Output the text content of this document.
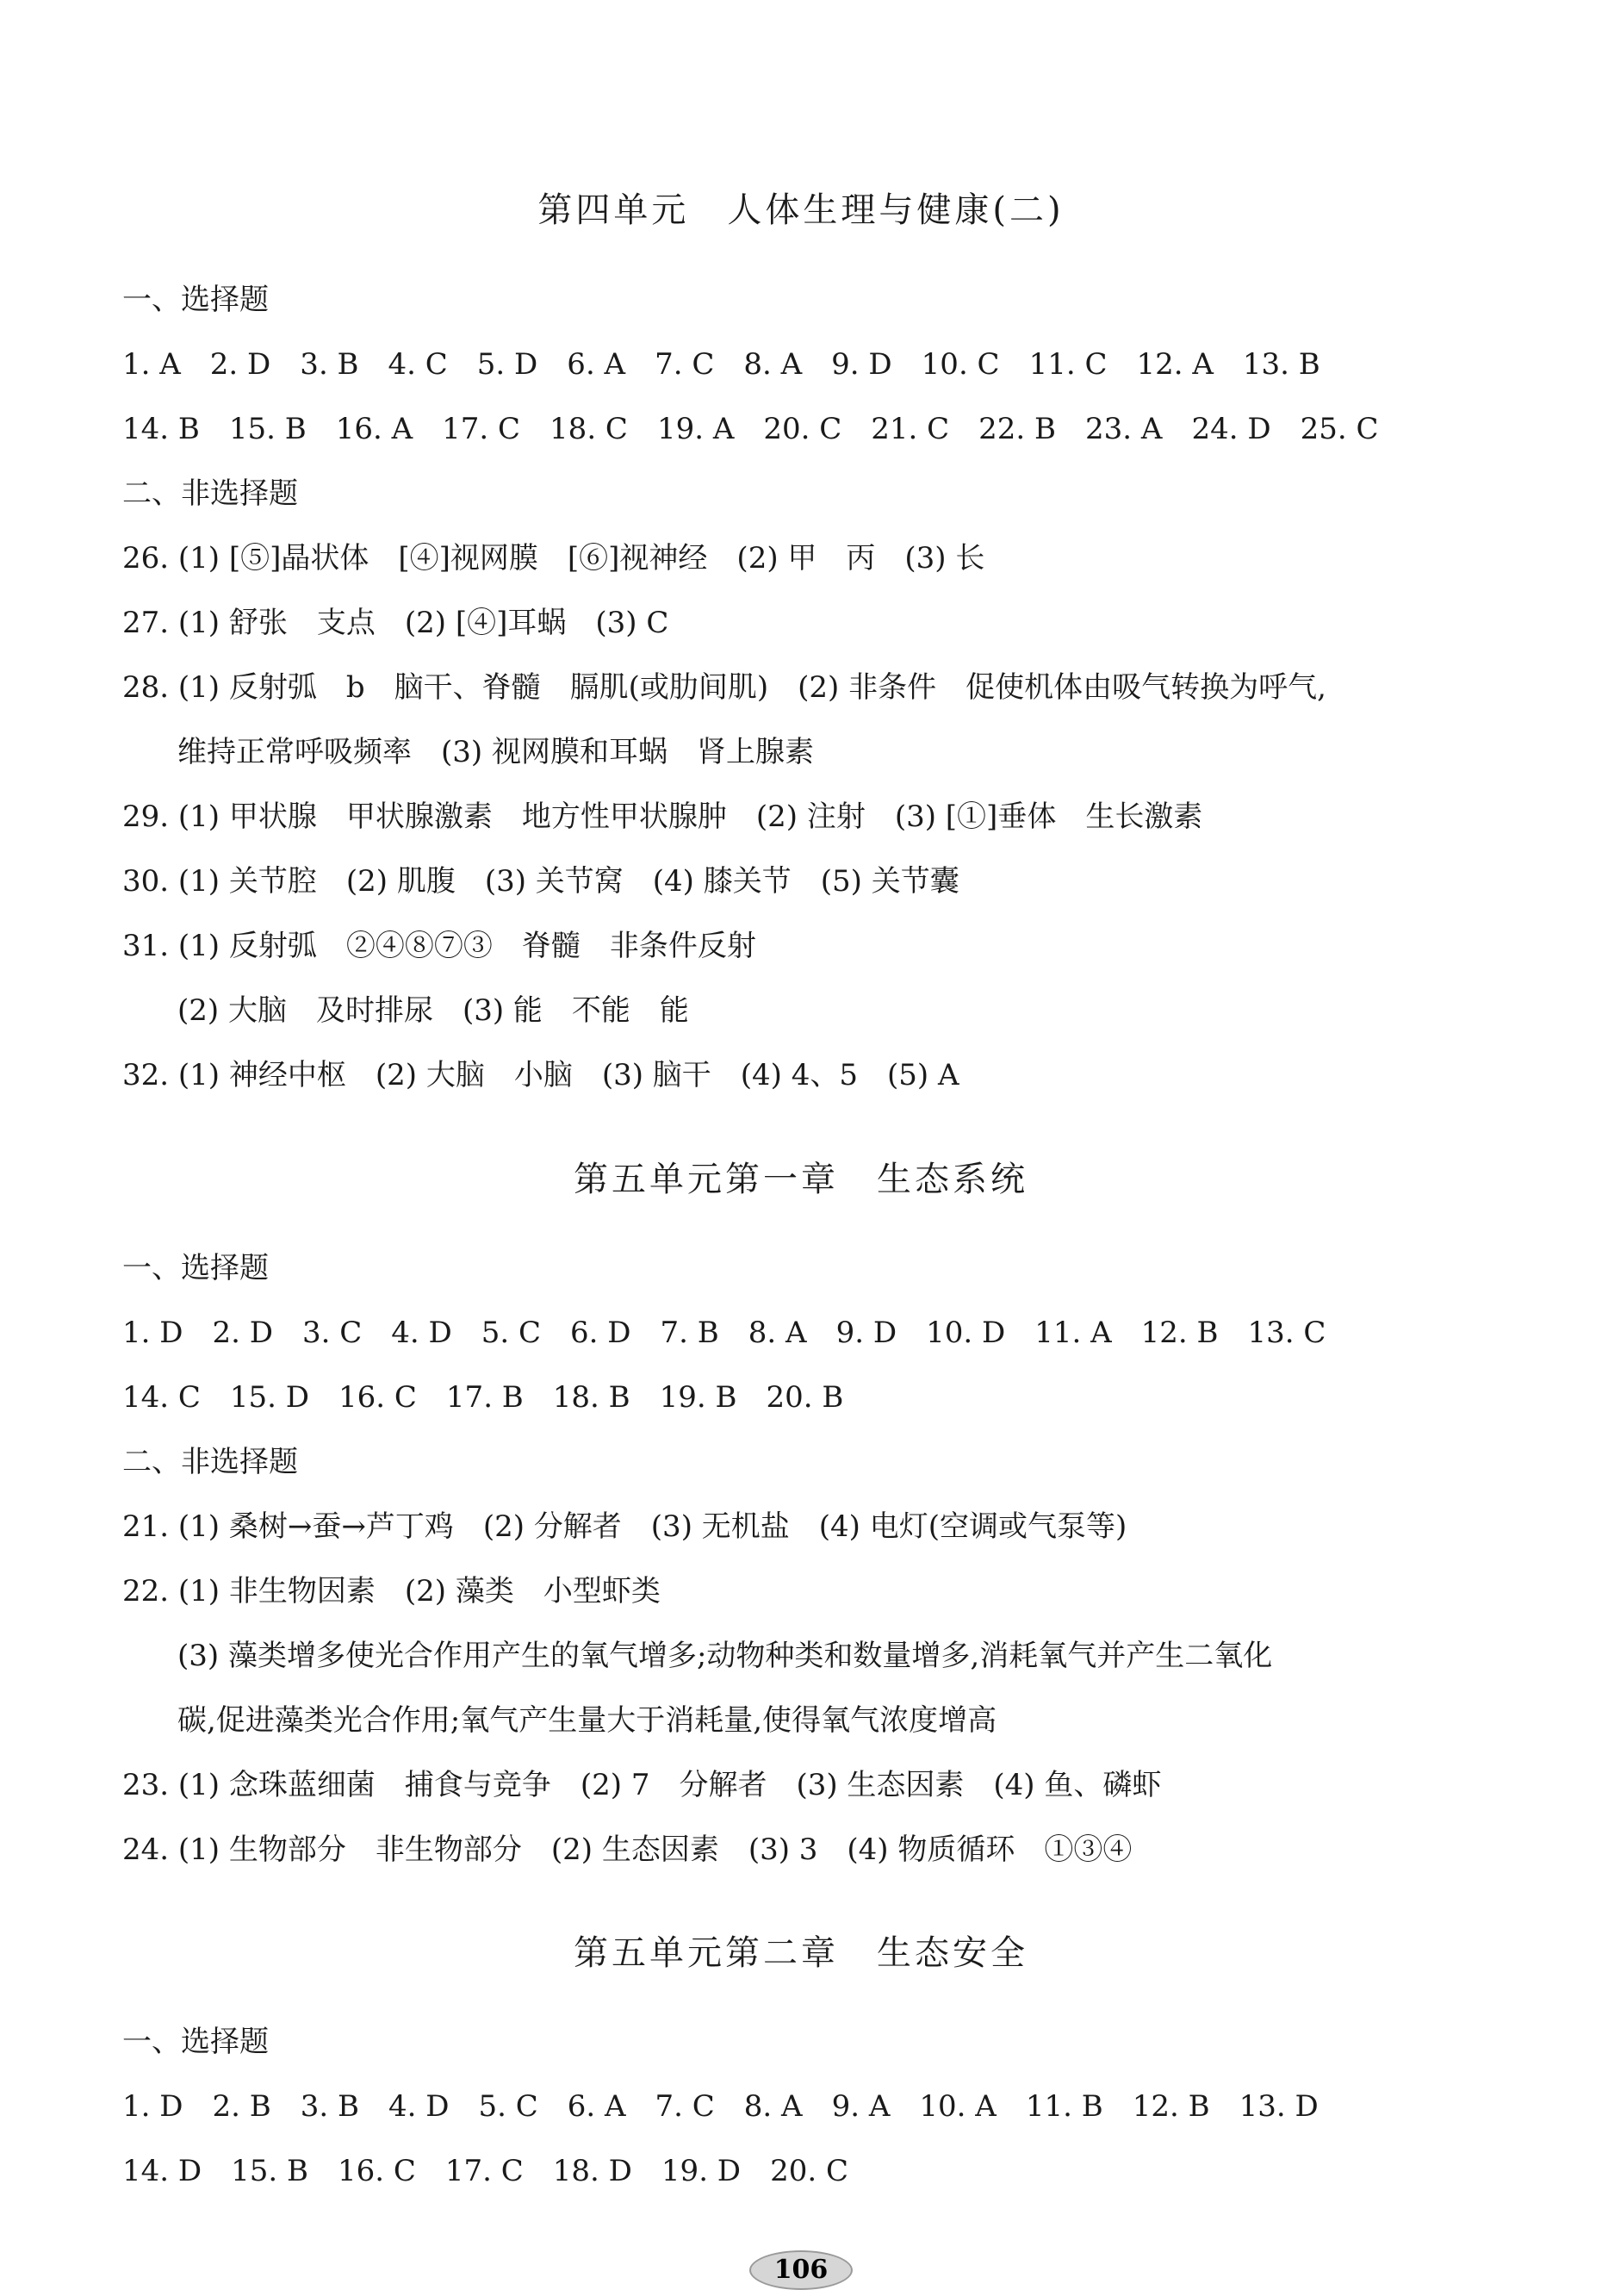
第四单元　人体生理与健康(二)
一、选择题
1. A　2. D　3. B　4. C　5. D　6. A　7. C　8. A　9. D　10. C　11. C　12. A　13. B
14. B　15. B　16. A　17. C　18. C　19. A　20. C　21. C　22. B　23. A　24. D　25. C
二、非选择题
26. (1) [⑤]晶状体　[④]视网膜　[⑥]视神经　(2) 甲　丙　(3) 长
27. (1) 舒张　支点　(2) [④]耳蜗　(3) C
28. (1) 反射弧　b　脑干、脊髓　膈肌(或肋间肌)　(2) 非条件　促使机体由吸气转换为呼气,
维持正常呼吸频率　(3) 视网膜和耳蜗　肾上腺素
29. (1) 甲状腺　甲状腺激素　地方性甲状腺肿　(2) 注射　(3) [①]垂体　生长激素
30. (1) 关节腔　(2) 肌腹　(3) 关节窝　(4) 膝关节　(5) 关节囊
31. (1) 反射弧　②④⑧⑦③　脊髓　非条件反射
(2) 大脑　及时排尿　(3) 能　不能　能
32. (1) 神经中枢　(2) 大脑　小脑　(3) 脑干　(4) 4、5　(5) A
第五单元第一章　生态系统
一、选择题
1. D　2. D　3. C　4. D　5. C　6. D　7. B　8. A　9. D　10. D　11. A　12. B　13. C
14. C　15. D　16. C　17. B　18. B　19. B　20. B
二、非选择题
21. (1) 桑树→蚕→芦丁鸡　(2) 分解者　(3) 无机盐　(4) 电灯(空调或气泵等)
22. (1) 非生物因素　(2) 藻类　小型虾类
(3) 藻类增多使光合作用产生的氧气增多;动物种类和数量增多,消耗氧气并产生二氧化
碳,促进藻类光合作用;氧气产生量大于消耗量,使得氧气浓度增高
23. (1) 念珠蓝细菌　捕食与竞争　(2) 7　分解者　(3) 生态因素　(4) 鱼、磷虾
24. (1) 生物部分　非生物部分　(2) 生态因素　(3) 3　(4) 物质循环　①③④
第五单元第二章　生态安全
一、选择题
1. D　2. B　3. B　4. D　5. C　6. A　7. C　8. A　9. A　10. A　11. B　12. B　13. D
14. D　15. B　16. C　17. C　18. D　19. D　20. C
106
